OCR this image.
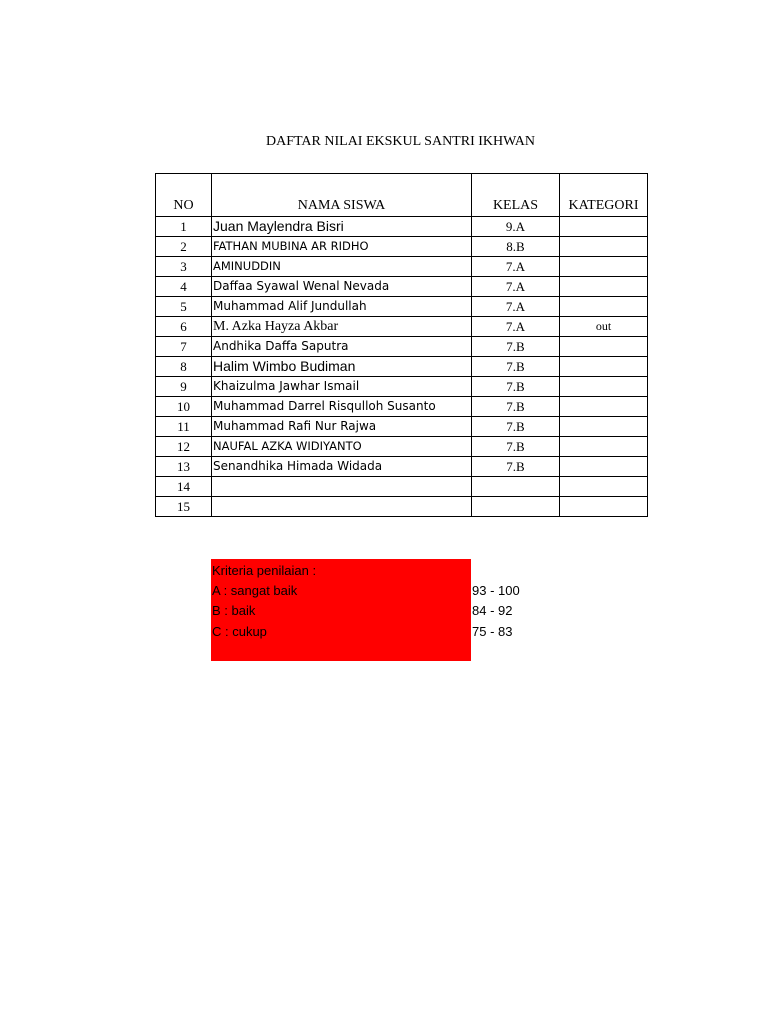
DAFTAR NILAI EKSKUL SANTRI IKHWAN
NO	NAMA SISWA	KELAS	KATEGORI
1	Juan Maylendra Bisri	9.A	
2	FATHAN MUBINA AR RIDHO	8.B	
3	AMINUDDIN	7.A	
4	Daffaa Syawal Wenal Nevada	7.A	
5	Muhammad Alif Jundullah	7.A	
6	M. Azka Hayza Akbar	7.A	out
7	Andhika Daffa Saputra	7.B	
8	Halim Wimbo Budiman	7.B	
9	Khaizulma Jawhar Ismail	7.B	
10	Muhammad Darrel Risqulloh Susanto	7.B	
11	Muhammad Rafi Nur Rajwa	7.B	
12	NAUFAL AZKA WIDIYANTO	7.B	
13	Senandhika Himada Widada	7.B	
14			
15			
Kriteria penilaian :
A : sangat baik	93 - 100
B : baik	84 - 92
C : cukup	75 - 83
